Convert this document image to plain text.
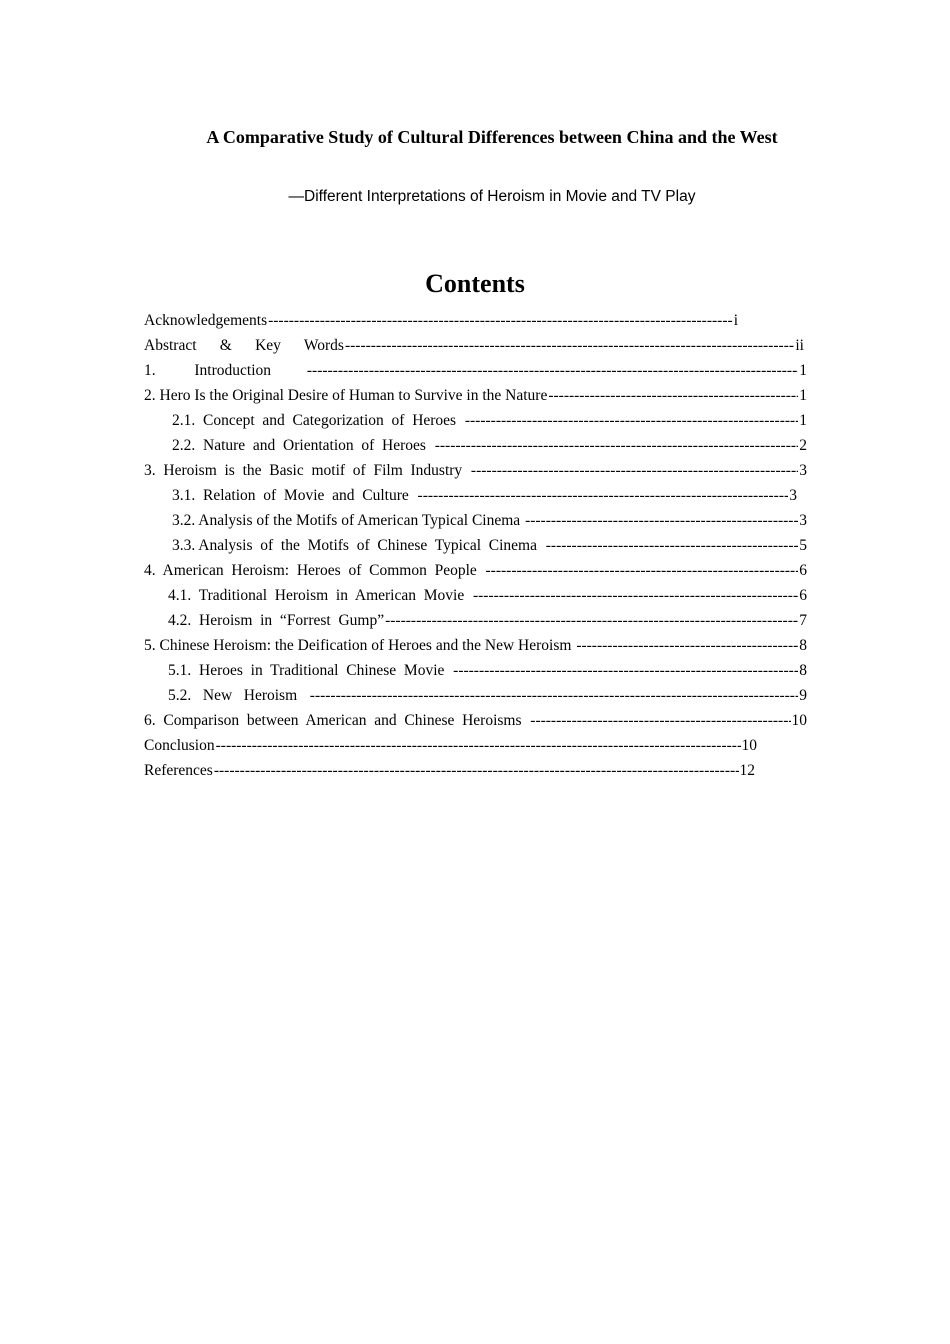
A Comparative Study of Cultural Differences between China and the West

—Different Interpretations of Heroism in Movie and TV Play

Contents
Acknowledgements -----	i
Abstract      &      Key      Words -----	ii
1.          Introduction -----	1
2. Hero Is the Original Desire of Human to Survive in the Nature -----	1
2.1.  Concept  and  Categorization  of  Heroes -----	1
2.2.  Nature  and  Orientation  of  Heroes -----	2
3.  Heroism  is  the  Basic  motif  of  Film  Industry -----	3
3.1.  Relation  of  Movie  and  Culture -----	3
3.2. Analysis of the Motifs of American Typical Cinema -----	3
3.3. Analysis  of  the  Motifs  of  Chinese  Typical  Cinema -----	5
4.  American  Heroism:  Heroes  of  Common  People -----	6
4.1.  Traditional  Heroism  in  American  Movie -----	6
4.2.  Heroism  in  “Forrest  Gump” -----	7
5. Chinese Heroism: the Deification of Heroes and the New Heroism -----	8
5.1.  Heroes  in  Traditional  Chinese  Movie -----	8
5.2.   New   Heroism -----	9
6.  Comparison  between  American  and  Chinese  Heroisms -----	10
Conclusion -----	10
References -----	12
